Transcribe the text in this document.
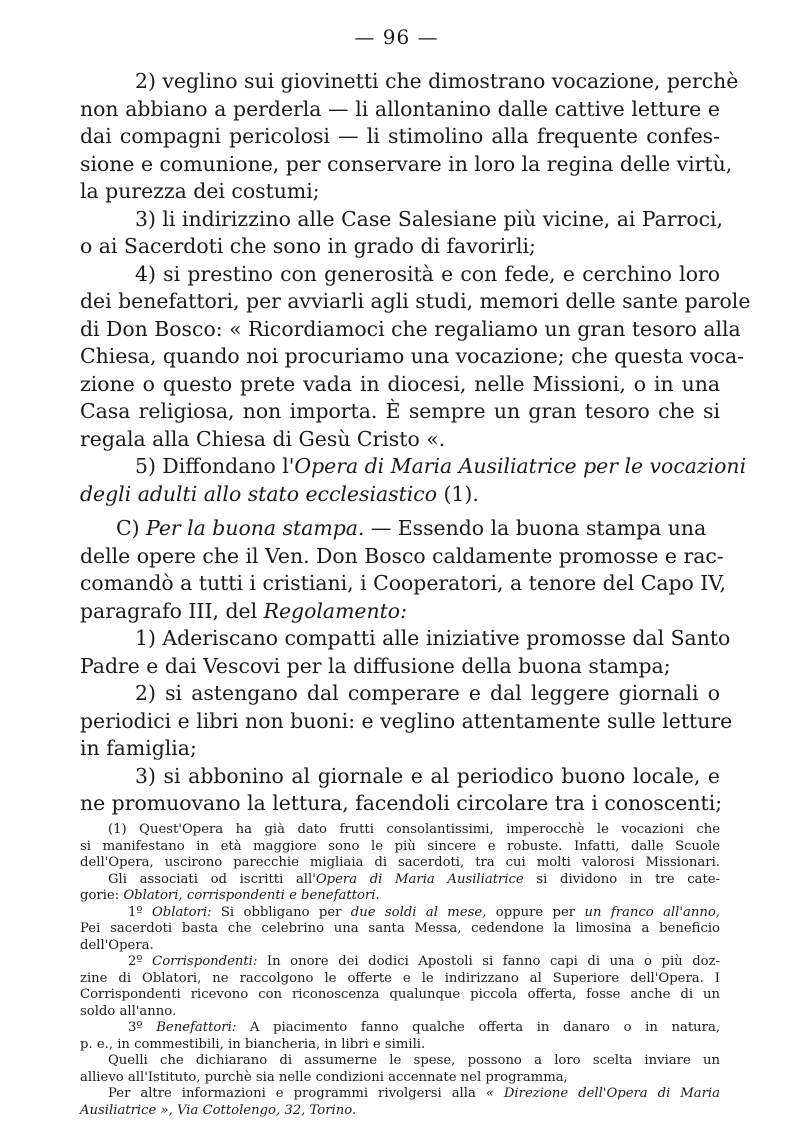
— 96 —
2) veglino sui giovinetti che dimostrano vocazione, perchè
non abbiano a perderla — li allontanino dalle cattive letture e
dai compagni pericolosi — li stimolino alla frequente confes-
sione e comunione, per conservare in loro la regina delle virtù,
la purezza dei costumi;
3) li indirizzino alle Case Salesiane più vicine, ai Parroci,
o ai Sacerdoti che sono in grado di favorirli;
4) si prestino con generosità e con fede, e cerchino loro
dei benefattori, per avviarli agli studi, memori delle sante parole
di Don Bosco: « Ricordiamoci che regaliamo un gran tesoro alla
Chiesa, quando noi procuriamo una vocazione; che questa voca-
zione o questo prete vada in diocesi, nelle Missioni, o in una
Casa religiosa, non importa. È sempre un gran tesoro che si
regala alla Chiesa di Gesù Cristo «.
5) Diffondano l'Opera di Maria Ausiliatrice per le vocazioni
degli adulti allo stato ecclesiastico (1).
C) Per la buona stampa. — Essendo la buona stampa una
delle opere che il Ven. Don Bosco caldamente promosse e rac-
comandò a tutti i cristiani, i Cooperatori, a tenore del Capo IV,
paragrafo III, del Regolamento:
1) Aderiscano compatti alle iniziative promosse dal Santo
Padre e dai Vescovi per la diffusione della buona stampa;
2) si astengano dal comperare e dal leggere giornali o
periodici e libri non buoni: e veglino attentamente sulle letture
in famiglia;
3) si abbonino al giornale e al periodico buono locale, e
ne promuovano la lettura, facendoli circolare tra i conoscenti;
(1) Quest'Opera ha già dato frutti consolantissimi, imperocchè le vocazioni che
si manifestano in età maggiore sono le più sincere e robuste. Infatti, dalle Scuole
dell'Opera, uscirono parecchie migliaia di sacerdoti, tra cui molti valorosi Missionari.
Gli associati od iscritti all'Opera di Maria Ausiliatrice si dividono in tre cate-
gorie: Oblatori, corrispondenti e benefattori.
1º Oblatori: Si obbligano per due soldi al mese, oppure per un franco all'anno,
Pei sacerdoti basta che celebrino una santa Messa, cedendone la limosina a beneficio
dell'Opera.
2º Corrispondenti: In onore dei dodici Apostoli si fanno capi di una o più doz-
zine di Oblatori, ne raccolgono le offerte e le indirizzano al Superiore dell'Opera. I
Corrispondenti ricevono con riconoscenza qualunque piccola offerta, fosse anche di un
soldo all'anno.
3º Benefattori: A piacimento fanno qualche offerta in danaro o in natura,
p. e., in commestibili, in biancheria, in libri e simili.
Quelli che dichiarano di assumerne le spese, possono a loro scelta inviare un
allievo all'Istituto, purchè sia nelle condizioni accennate nel programma,
Per altre informazioni e programmi rivolgersi alla « Direzione dell'Opera di Maria
Ausiliatrice », Via Cottolengo, 32, Torino.
